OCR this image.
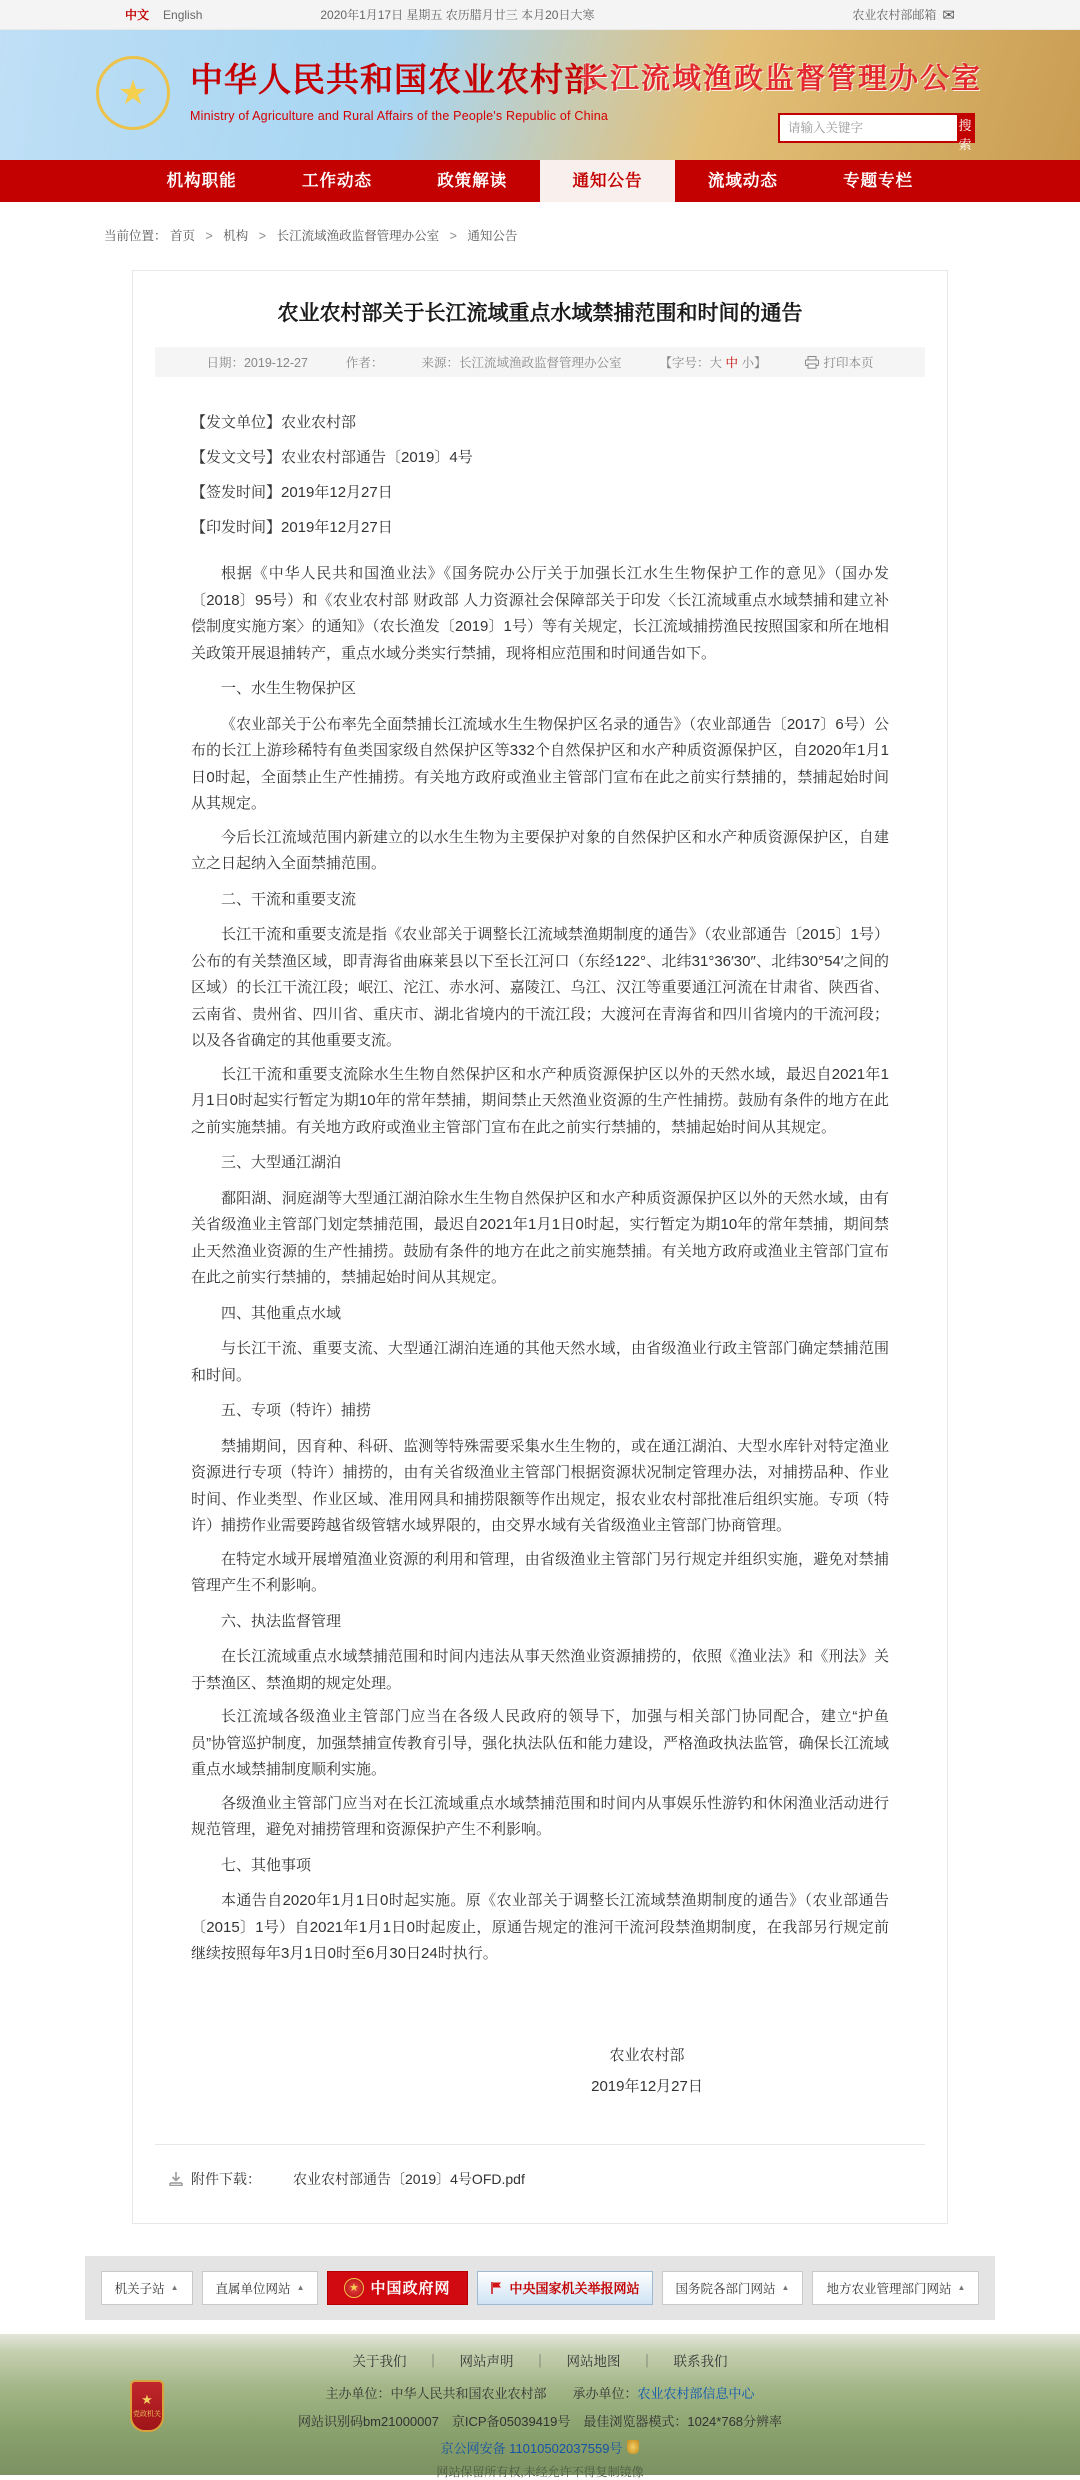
中文 English	2020年1月17日 星期五 农历腊月廿三 本月20日大寒	农业农村部邮箱 ✉
★ 中华人民共和国农业农村部
Ministry of Agriculture and Rural Affairs of the People's Republic of China
长江流域渔政监督管理办公室
请输入关键字
搜索
机构职能	工作动态	政策解读	通知公告	流域动态	专题专栏
当前位置： 首页 > 机构 > 长江流域渔政监督管理办公室 > 通知公告
农业农村部关于长江流域重点水域禁捕范围和时间的通告
日期：2019-12-27	作者：	来源：长江流域渔政监督管理办公室	【字号：大 中 小】	打印本页
【发文单位】农业农村部
【发文文号】农业农村部通告〔2019〕4号
【签发时间】2019年12月27日
【印发时间】2019年12月27日

根据《中华人民共和国渔业法》《国务院办公厅关于加强长江水生生物保护工作的意见》（国办发〔2018〕95号）和《农业农村部 财政部 人力资源社会保障部关于印发〈长江流域重点水域禁捕和建立补偿制度实施方案〉的通知》（农长渔发〔2019〕1号）等有关规定，长江流域捕捞渔民按照国家和所在地相关政策开展退捕转产，重点水域分类实行禁捕，现将相应范围和时间通告如下。

一、水生生物保护区

《农业部关于公布率先全面禁捕长江流域水生生物保护区名录的通告》（农业部通告〔2017〕6号）公布的长江上游珍稀特有鱼类国家级自然保护区等332个自然保护区和水产种质资源保护区，自2020年1月1日0时起，全面禁止生产性捕捞。有关地方政府或渔业主管部门宣布在此之前实行禁捕的，禁捕起始时间从其规定。

今后长江流域范围内新建立的以水生生物为主要保护对象的自然保护区和水产种质资源保护区，自建立之日起纳入全面禁捕范围。

二、干流和重要支流

长江干流和重要支流是指《农业部关于调整长江流域禁渔期制度的通告》（农业部通告〔2015〕1号）公布的有关禁渔区域，即青海省曲麻莱县以下至长江河口（东经122°、北纬31°36′30″、北纬30°54′之间的区域）的长江干流江段；岷江、沱江、赤水河、嘉陵江、乌江、汉江等重要通江河流在甘肃省、陕西省、云南省、贵州省、四川省、重庆市、湖北省境内的干流江段；大渡河在青海省和四川省境内的干流河段；以及各省确定的其他重要支流。

长江干流和重要支流除水生生物自然保护区和水产种质资源保护区以外的天然水域，最迟自2021年1月1日0时起实行暂定为期10年的常年禁捕，期间禁止天然渔业资源的生产性捕捞。鼓励有条件的地方在此之前实施禁捕。有关地方政府或渔业主管部门宣布在此之前实行禁捕的，禁捕起始时间从其规定。

三、大型通江湖泊

鄱阳湖、洞庭湖等大型通江湖泊除水生生物自然保护区和水产种质资源保护区以外的天然水域，由有关省级渔业主管部门划定禁捕范围，最迟自2021年1月1日0时起，实行暂定为期10年的常年禁捕，期间禁止天然渔业资源的生产性捕捞。鼓励有条件的地方在此之前实施禁捕。有关地方政府或渔业主管部门宣布在此之前实行禁捕的，禁捕起始时间从其规定。

四、其他重点水域

与长江干流、重要支流、大型通江湖泊连通的其他天然水域，由省级渔业行政主管部门确定禁捕范围和时间。

五、专项（特许）捕捞

禁捕期间，因育种、科研、监测等特殊需要采集水生生物的，或在通江湖泊、大型水库针对特定渔业资源进行专项（特许）捕捞的，由有关省级渔业主管部门根据资源状况制定管理办法，对捕捞品种、作业时间、作业类型、作业区域、准用网具和捕捞限额等作出规定，报农业农村部批准后组织实施。专项（特许）捕捞作业需要跨越省级管辖水域界限的，由交界水域有关省级渔业主管部门协商管理。

在特定水域开展增殖渔业资源的利用和管理，由省级渔业主管部门另行规定并组织实施，避免对禁捕管理产生不利影响。

六、执法监督管理

在长江流域重点水域禁捕范围和时间内违法从事天然渔业资源捕捞的，依照《渔业法》和《刑法》关于禁渔区、禁渔期的规定处理。

长江流域各级渔业主管部门应当在各级人民政府的领导下，加强与相关部门协同配合，建立“护鱼员”协管巡护制度，加强禁捕宣传教育引导，强化执法队伍和能力建设，严格渔政执法监管，确保长江流域重点水域禁捕制度顺利实施。

各级渔业主管部门应当对在长江流域重点水域禁捕范围和时间内从事娱乐性游钓和休闲渔业活动进行规范管理，避免对捕捞管理和资源保护产生不利影响。

七、其他事项

本通告自2020年1月1日0时起实施。原《农业部关于调整长江流域禁渔期制度的通告》（农业部通告〔2015〕1号）自2021年1月1日0时起废止，原通告规定的淮河干流河段禁渔期制度，在我部另行规定前继续按照每年3月1日0时至6月30日24时执行。

农业农村部
2019年12月27日
附件下载： 农业农村部通告〔2019〕4号OFD.pdf
机关子站 ▲	直属单位网站 ▲	★ 中国政府网	中央国家机关举报网站	国务院各部门网站 ▲	地方农业管理部门网站 ▲
★
党政机关
关于我们 ｜ 网站声明 ｜ 网站地图 ｜ 联系我们
主办单位：中华人民共和国农业农村部　　 承办单位：农业农村部信息中心
网站识别码bm21000007　京ICP备05039419号　最佳浏览器模式：1024*768分辨率
京公网安备 11010502037559号
网站保留所有权,未经允许不得复制镜像
